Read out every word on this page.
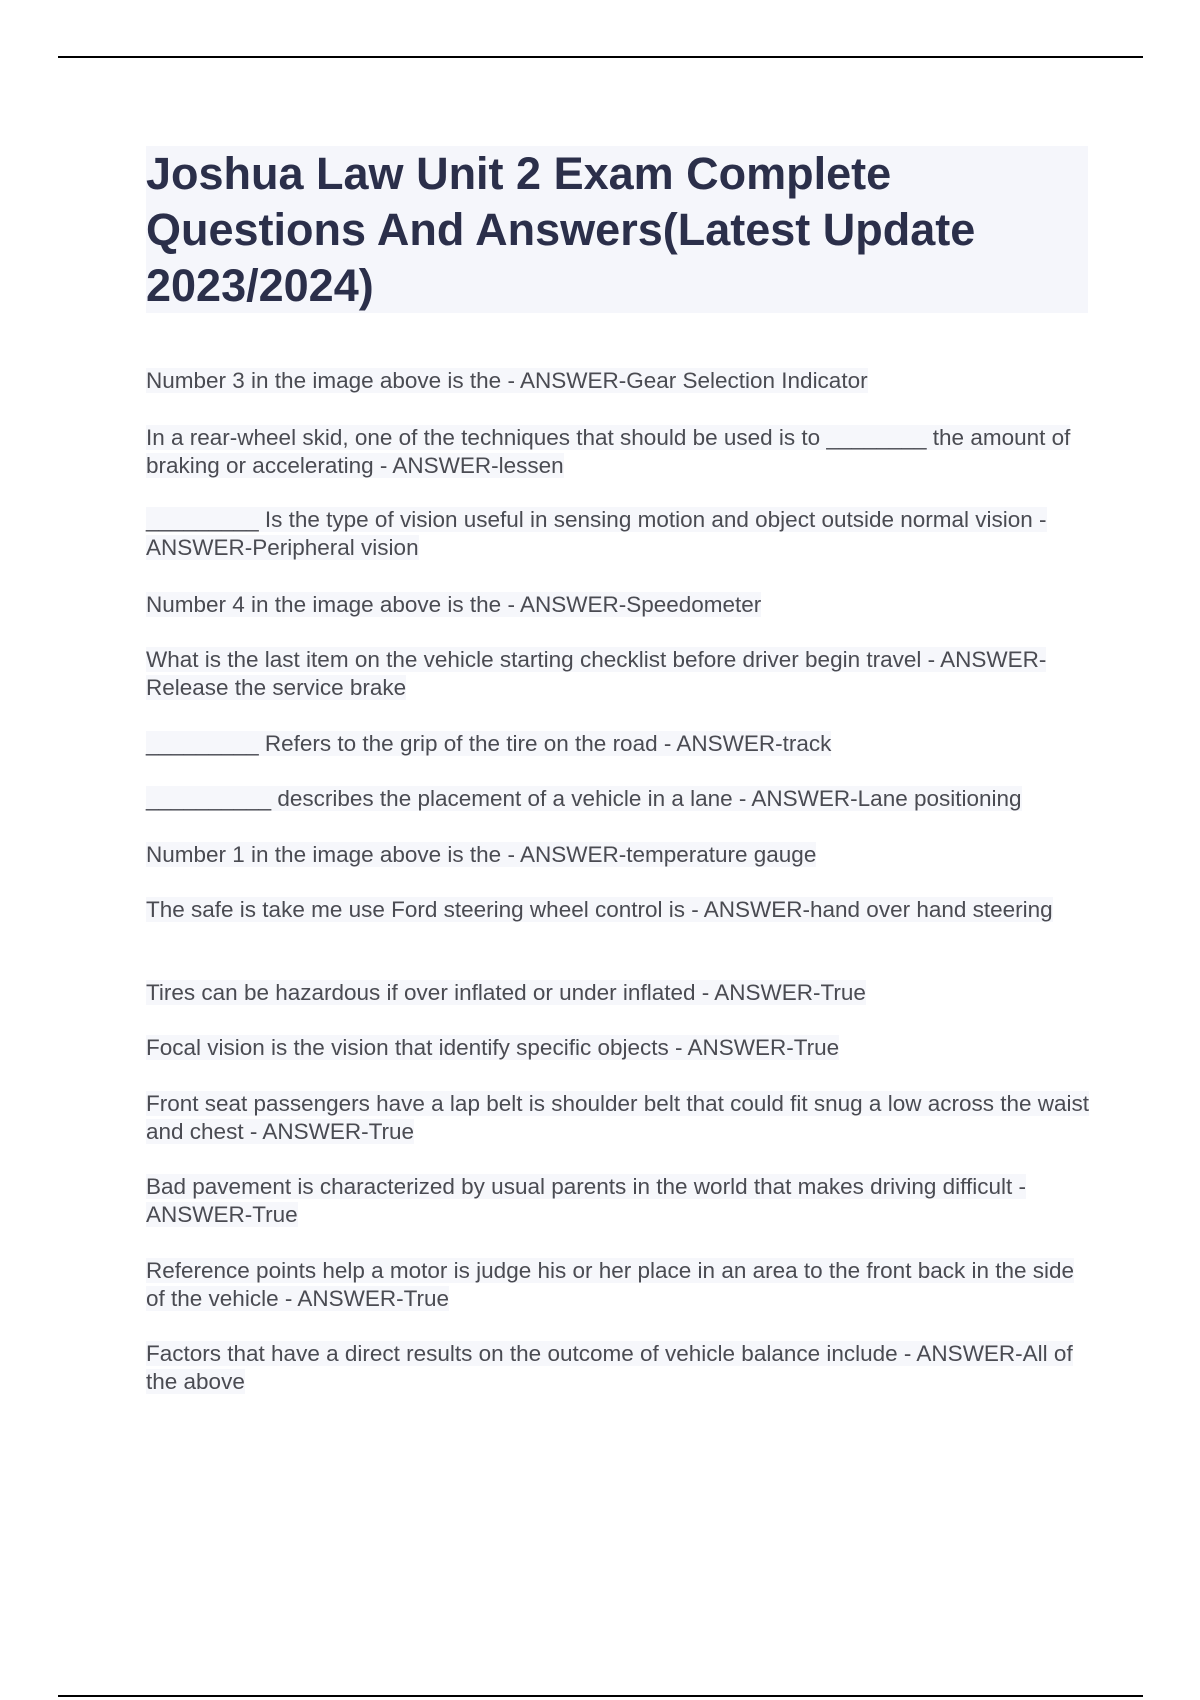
Joshua Law Unit 2 Exam Complete Questions And Answers(Latest Update 2023/2024)
Number 3 in the image above is the - ANSWER-Gear Selection Indicator
In a rear-wheel skid, one of the techniques that should be used is to ________ the amount of braking or accelerating - ANSWER-lessen
_________ Is the type of vision useful in sensing motion and object outside normal vision - ANSWER-Peripheral vision
Number 4 in the image above is the - ANSWER-Speedometer
What is the last item on the vehicle starting checklist before driver begin travel - ANSWER-Release the service brake
_________ Refers to the grip of the tire on the road - ANSWER-track
__________ describes the placement of a vehicle in a lane - ANSWER-Lane positioning
Number 1 in the image above is the - ANSWER-temperature gauge
The safe is take me use Ford steering wheel control is - ANSWER-hand over hand steering
Tires can be hazardous if over inflated or under inflated - ANSWER-True
Focal vision is the vision that identify specific objects - ANSWER-True
Front seat passengers have a lap belt is shoulder belt that could fit snug a low across the waist and chest - ANSWER-True
Bad pavement is characterized by usual parents in the world that makes driving difficult - ANSWER-True
Reference points help a motor is judge his or her place in an area to the front back in the side of the vehicle - ANSWER-True
Factors that have a direct results on the outcome of vehicle balance include - ANSWER-All of the above
